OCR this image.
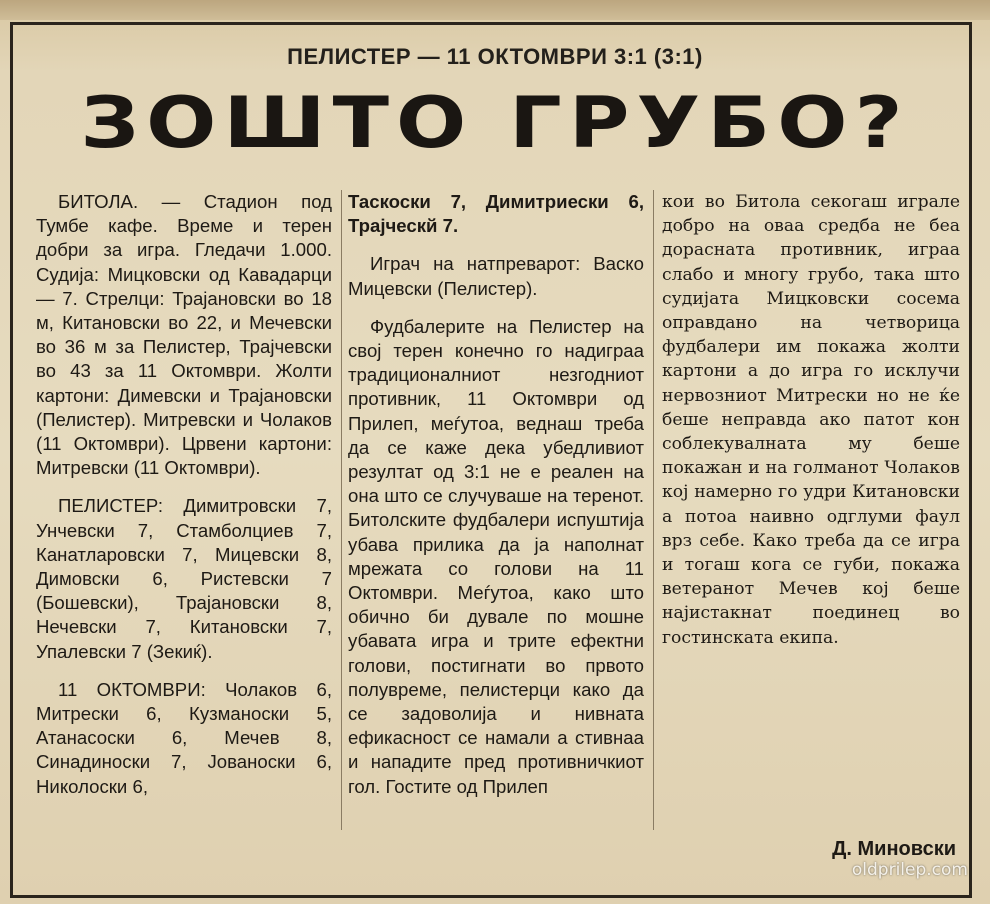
ПЕЛИСТЕР — 11 ОКТОМВРИ 3:1 (3:1)
ЗОШТО ГРУБО?

БИТОЛА. — Стадион под Тумбе кафе. Време и терен добри за игра. Гледачи 1.000. Судија: Мицковски од Кавадарци — 7. Стрелци: Трајановски во 18 м, Китановски во 22, и Мечевски во 36 м за Пелистер, Трајчевски во 43 за 11 Октомври. Жолти картони: Димевски и Трајановски (Пелистер). Митревски и Чолаков (11 Октомври). Црвени картони: Митревски (11 Октомври).

ПЕЛИСТЕР: Димитровски 7, Унчевски 7, Стамболциев 7, Канатларовски 7, Мицевски 8, Димовски 6, Ристевски 7 (Бошевски), Трајановски 8, Нечевски 7, Китановски 7, Упалевски 7 (Зекиќ).

11 ОКТОМВРИ: Чолаков 6, Митрески 6, Кузманоски 5, Атанасоски 6, Мечев 8, Синадиноски 7, Јованоски 6, Николоски 6,

Таскоски 7, Димитриески 6, Трајческй 7.

Играч на натпреварот: Васко Мицевски (Пелистер).

Фудбалерите на Пелистер на свој терен конечно го надиграа традиционалниот незгодниот противник, 11 Октомври од Прилеп, меѓутоа, веднаш треба да се каже дека убедливиот резултат од 3:1 не е реален на она што се случуваше на теренот. Битолските фудбалери испуштија убава прилика да ја наполнат мрежата со голови на 11 Октомври. Меѓутоа, како што обично би дувале по мошне убавата игра и трите ефектни голови, постигнати во првото полувреме, пелистерци како да се задоволија и нивната ефикасност се намали а стивнаа и нападите пред противничкиот гол. Гостите од Прилеп

кои во Битола секогаш играле добро на оваа средба не беа дорасната противник, играа слабо и многу грубо, така што судијата Мицковски сосема оправдано на четворица фудбалери им покажа жолти картони а до игра го исклучи нервозниот Митрески но не ќе беше неправда ако патот кон соблекувалната му беше покажан и на голманот Чолаков кој намерно го удри Китановски а потоа наивно одглуми фаул врз себе. Како треба да се игра и тогаш кога се губи, покажа ветеранот Мечев кој беше најистакнат поединец во гостинската екипа.

Д. Миновски
oldprilep.com
